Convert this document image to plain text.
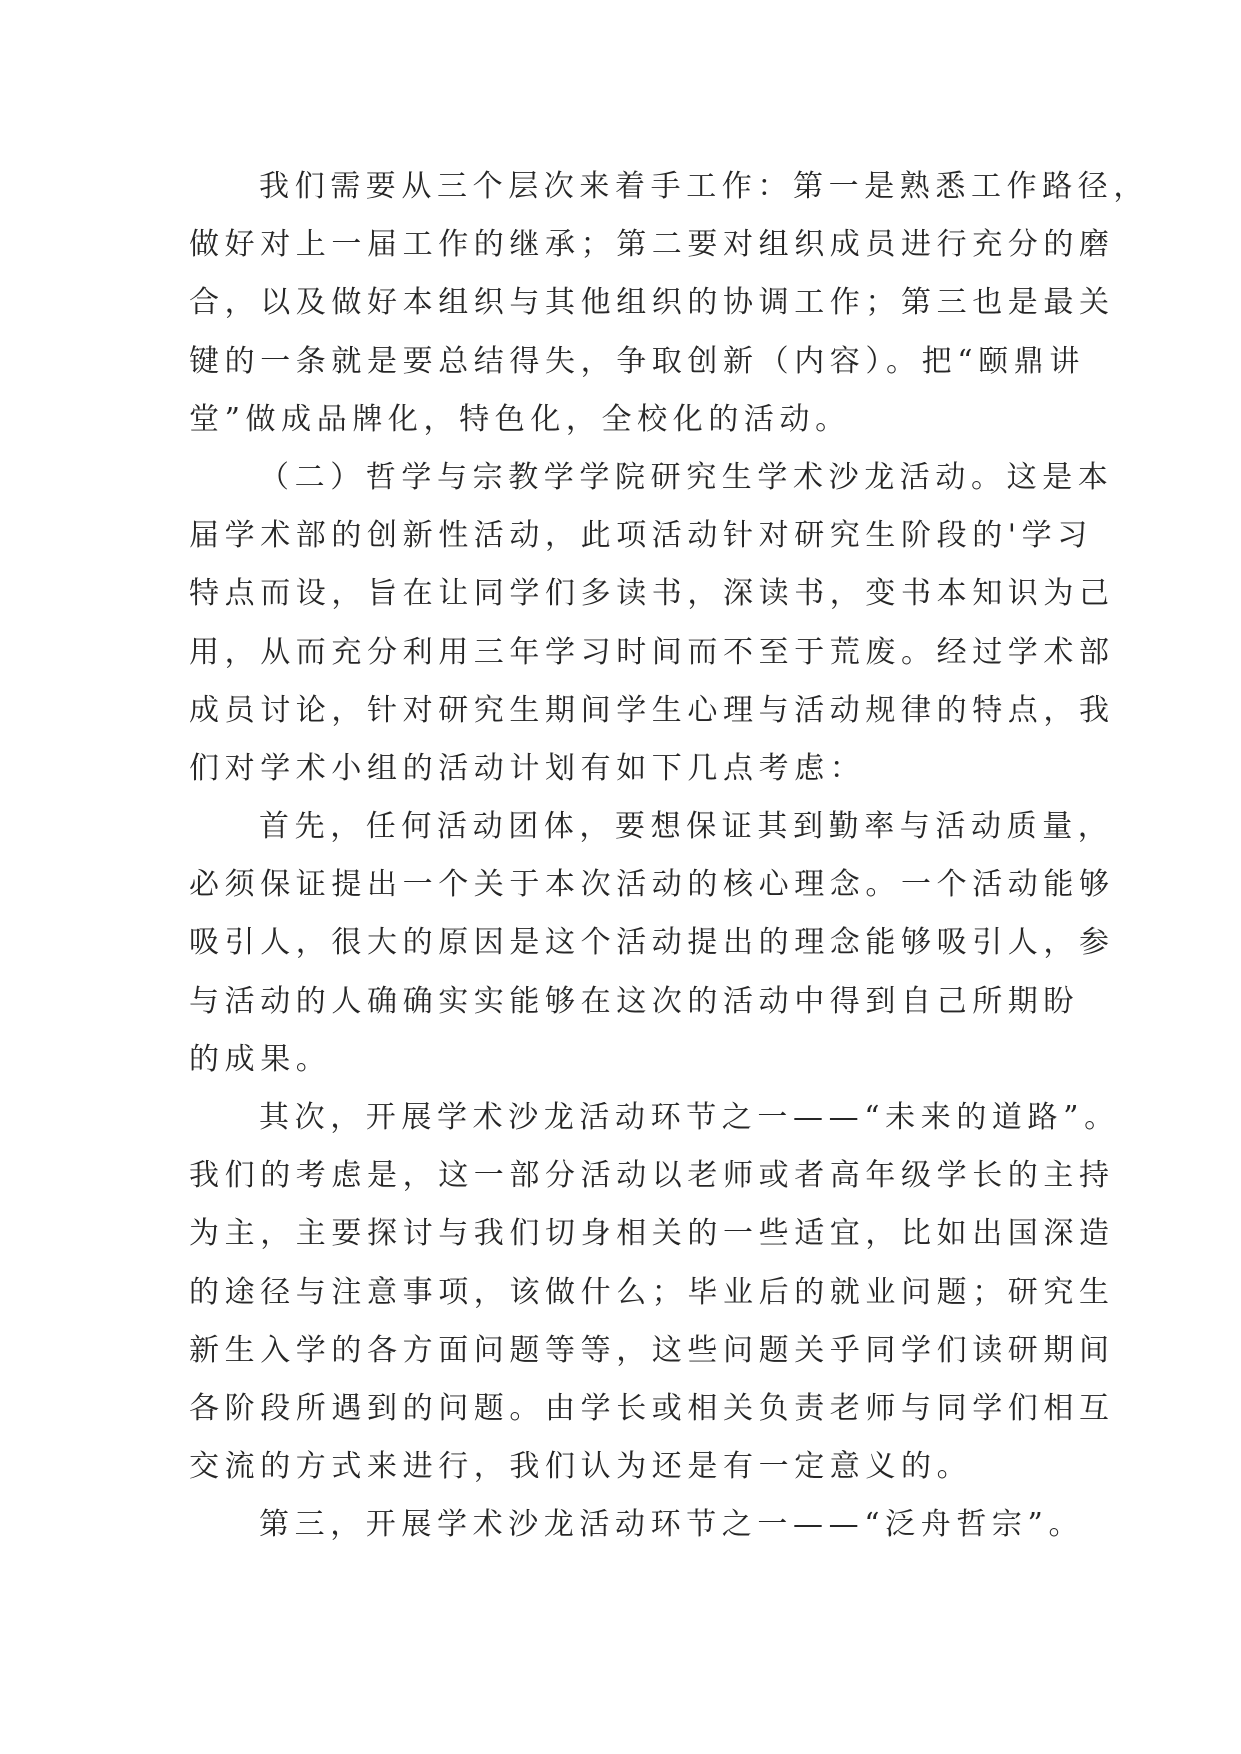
我们需要从三个层次来着手工作：第一是熟悉工作路径，
做好对上一届工作的继承；第二要对组织成员进行充分的磨
合，以及做好本组织与其他组织的协调工作；第三也是最关
键的一条就是要总结得失，争取创新（内容）。把“颐鼎讲
堂”做成品牌化，特色化，全校化的活动。
（二）哲学与宗教学学院研究生学术沙龙活动。这是本
届学术部的创新性活动，此项活动针对研究生阶段的'学习
特点而设，旨在让同学们多读书，深读书，变书本知识为己
用，从而充分利用三年学习时间而不至于荒废。经过学术部
成员讨论，针对研究生期间学生心理与活动规律的特点，我
们对学术小组的活动计划有如下几点考虑：
首先，任何活动团体，要想保证其到勤率与活动质量，
必须保证提出一个关于本次活动的核心理念。一个活动能够
吸引人，很大的原因是这个活动提出的理念能够吸引人，参
与活动的人确确实实能够在这次的活动中得到自己所期盼
的成果。
其次，开展学术沙龙活动环节之一——“未来的道路”。
我们的考虑是，这一部分活动以老师或者高年级学长的主持
为主，主要探讨与我们切身相关的一些适宜，比如出国深造
的途径与注意事项，该做什么；毕业后的就业问题；研究生
新生入学的各方面问题等等，这些问题关乎同学们读研期间
各阶段所遇到的问题。由学长或相关负责老师与同学们相互
交流的方式来进行，我们认为还是有一定意义的。
第三，开展学术沙龙活动环节之一——“泛舟哲宗”。
